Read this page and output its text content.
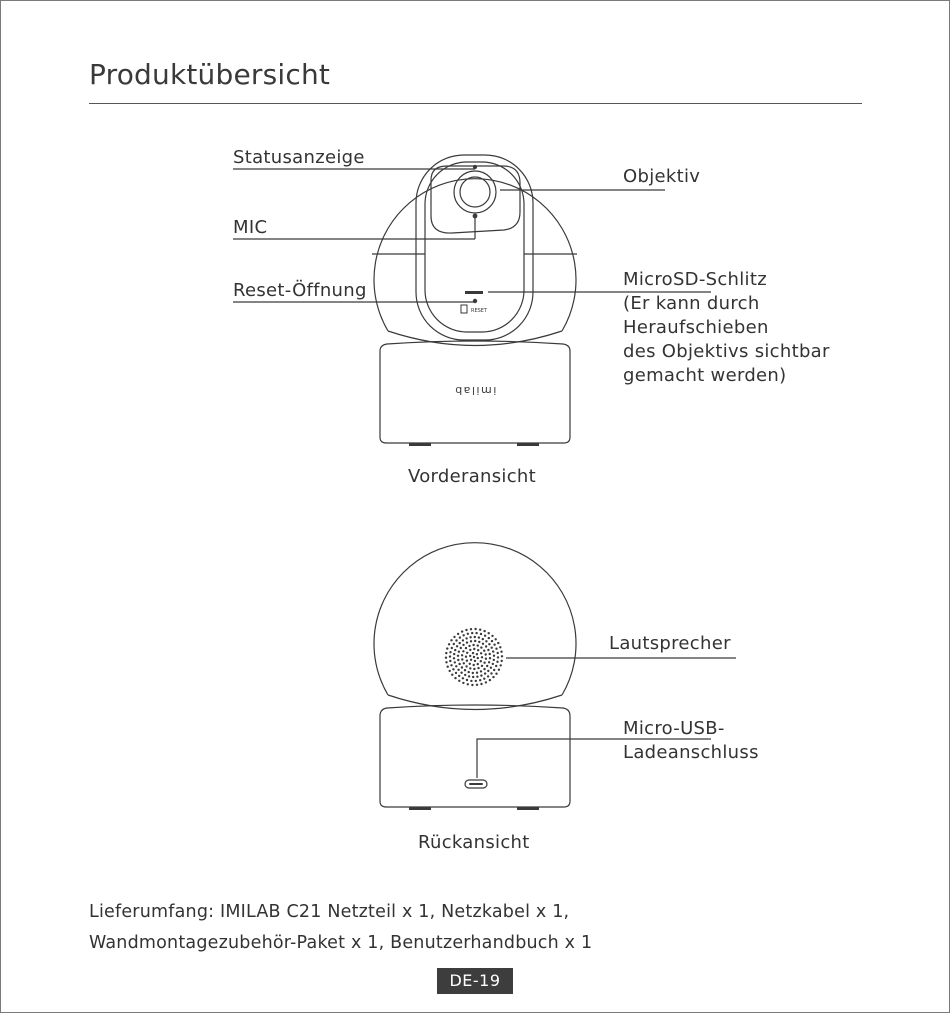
Produktübersicht
imilab
RESET
Statusanzeige
MIC
Reset-Öffnung
Objektiv
MicroSD-Schlitz
(Er kann durch
Heraufschieben
des Objektivs sichtbar
gemacht werden)
Vorderansicht
Lautsprecher
Micro-USB-
Ladeanschluss
Rückansicht
Lieferumfang: IMILAB C21 Netzteil x 1, Netzkabel x 1,
Wandmontagezubehör-Paket x 1, Benutzerhandbuch x 1
DE-19
